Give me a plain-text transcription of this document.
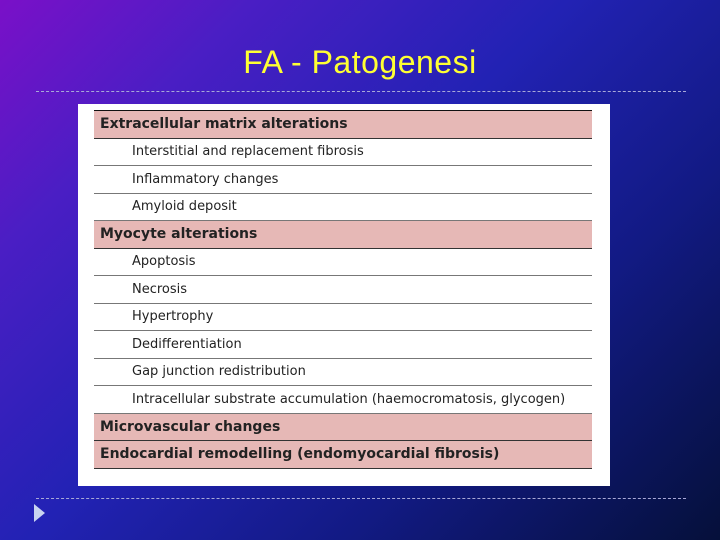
FA - Patogenesi
Extracellular matrix alterations
Interstitial and replacement fibrosis
Inflammatory changes
Amyloid deposit
Myocyte alterations
Apoptosis
Necrosis
Hypertrophy
Dedifferentiation
Gap junction redistribution
Intracellular substrate accumulation (haemocromatosis, glycogen)
Microvascular changes
Endocardial remodelling (endomyocardial fibrosis)
